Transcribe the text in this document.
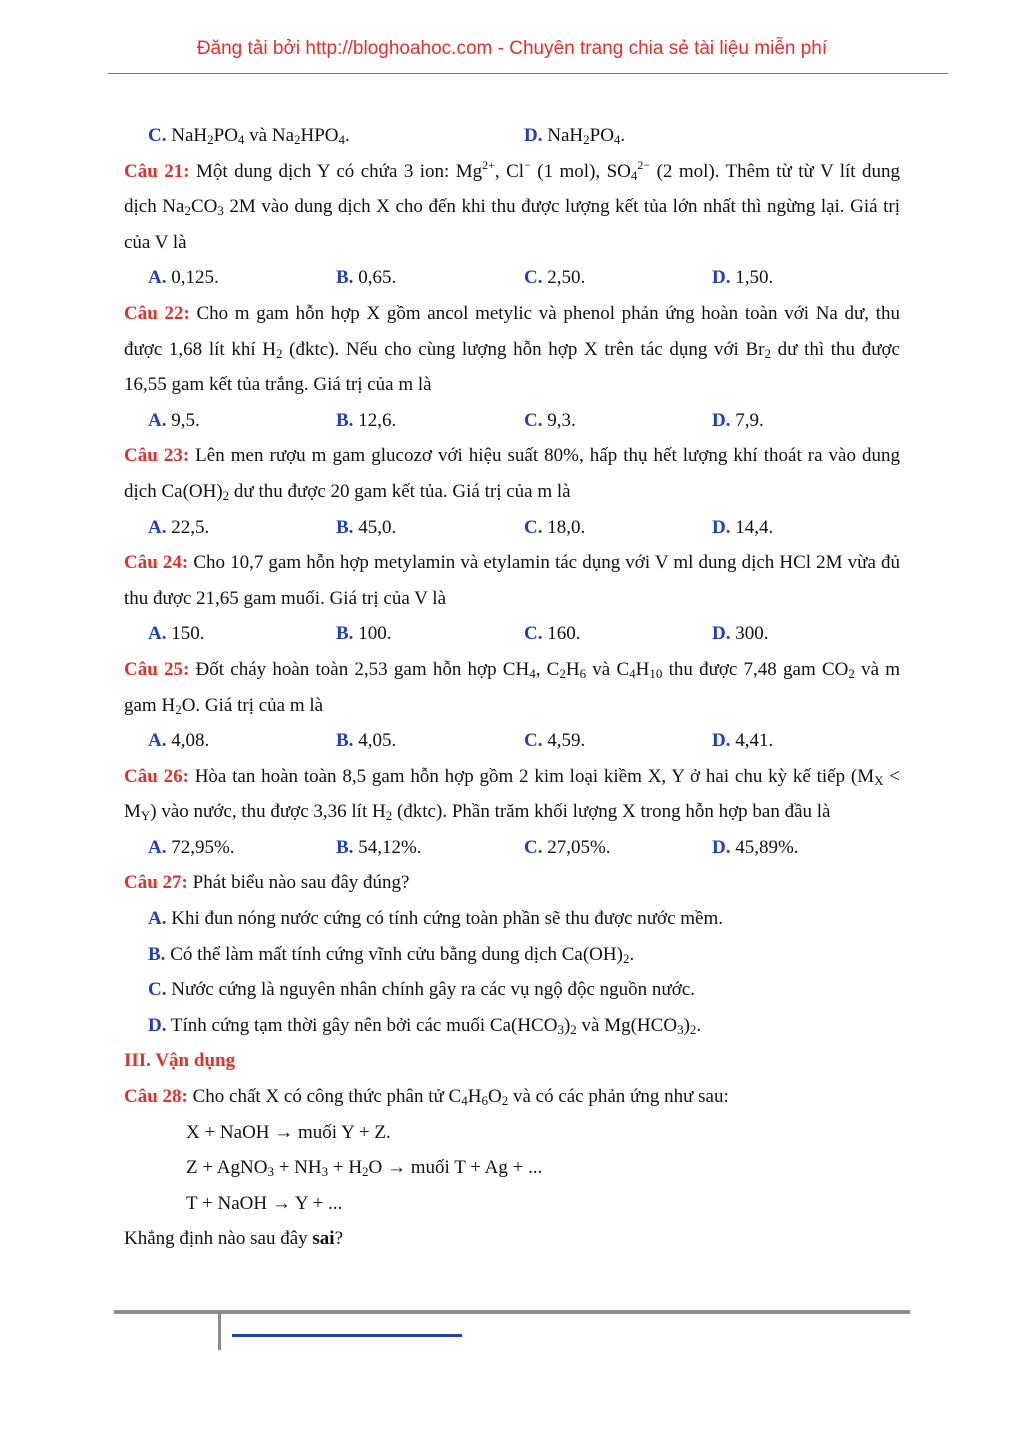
Đăng tải bởi http://bloghoahoc.com - Chuyên trang chia sẻ tài liệu miễn phí
C. $NaH_2PO_4$ và $Na_2HPO_4$.	D. $NaH_2PO_4$.
Câu 21: Một dung dịch Y có chứa 3 ion: $Mg^{2+}$, Cl− (1 mol), $SO_4^{2-}$ (2 mol). Thêm từ từ V lít dung dịch $Na_2CO_3$ 2M vào dung dịch X cho đến khi thu được lượng kết tủa lớn nhất thì ngừng lại. Giá trị của V là
A. 0,125.	B. 0,65.	C. 2,50.	D. 1,50.
Câu 22: Cho m gam hỗn hợp X gồm ancol metylic và phenol phản ứng hoàn toàn với Na dư, thu được 1,68 lít khí $H_2$ (đktc). Nếu cho cùng lượng hỗn hợp X trên tác dụng với $Br_2$ dư thì thu được 16,55 gam kết tủa trắng. Giá trị của m là
A. 9,5.	B. 12,6.	C. 9,3.	D. 7,9.
Câu 23: Lên men rượu m gam glucozơ với hiệu suất 80%, hấp thụ hết lượng khí thoát ra vào dung dịch $Ca(OH)_2$ dư thu được 20 gam kết tủa. Giá trị của m là
A. 22,5.	B. 45,0.	C. 18,0.	D. 14,4.
Câu 24: Cho 10,7 gam hỗn hợp metylamin và etylamin tác dụng với V ml dung dịch HCl 2M vừa đủ thu được 21,65 gam muối. Giá trị của V là
A. 150.	B. 100.	C. 160.	D. 300.
Câu 25: Đốt cháy hoàn toàn 2,53 gam hỗn hợp $CH_4$, $C_2H_6$ và $C_4H_{10}$ thu được 7,48 gam $CO_2$ và m gam $H_2O$. Giá trị của m là
A. 4,08.	B. 4,05.	C. 4,59.	D. 4,41.
Câu 26: Hòa tan hoàn toàn 8,5 gam hỗn hợp gồm 2 kim loại kiềm X, Y ở hai chu kỳ kế tiếp $(M_X < M_Y)$ vào nước, thu được 3,36 lít $H_2$ (đktc). Phần trăm khối lượng X trong hỗn hợp ban đầu là
A. 72,95%.	B. 54,12%.	C. 27,05%.	D. 45,89%.
Câu 27: Phát biểu nào sau đây đúng?
A. Khi đun nóng nước cứng có tính cứng toàn phần sẽ thu được nước mềm.
B. Có thể làm mất tính cứng vĩnh cửu bằng dung dịch $Ca(OH)_2$.
C. Nước cứng là nguyên nhân chính gây ra các vụ ngộ độc nguồn nước.
D. Tính cứng tạm thời gây nên bởi các muối $Ca(HCO_3)_2$ và $Mg(HCO_3)_2$.
III. Vận dụng
Câu 28: Cho chất X có công thức phân tử $C_4H_6O_2$ và có các phản ứng như sau:
X + NaOH → muối Y + Z.
Z + AgNO$_3$ + $NH_3 + H_2O$ → muối T + Ag + ...
T + NaOH → Y + ...
Khẳng định nào sau đây sai?
